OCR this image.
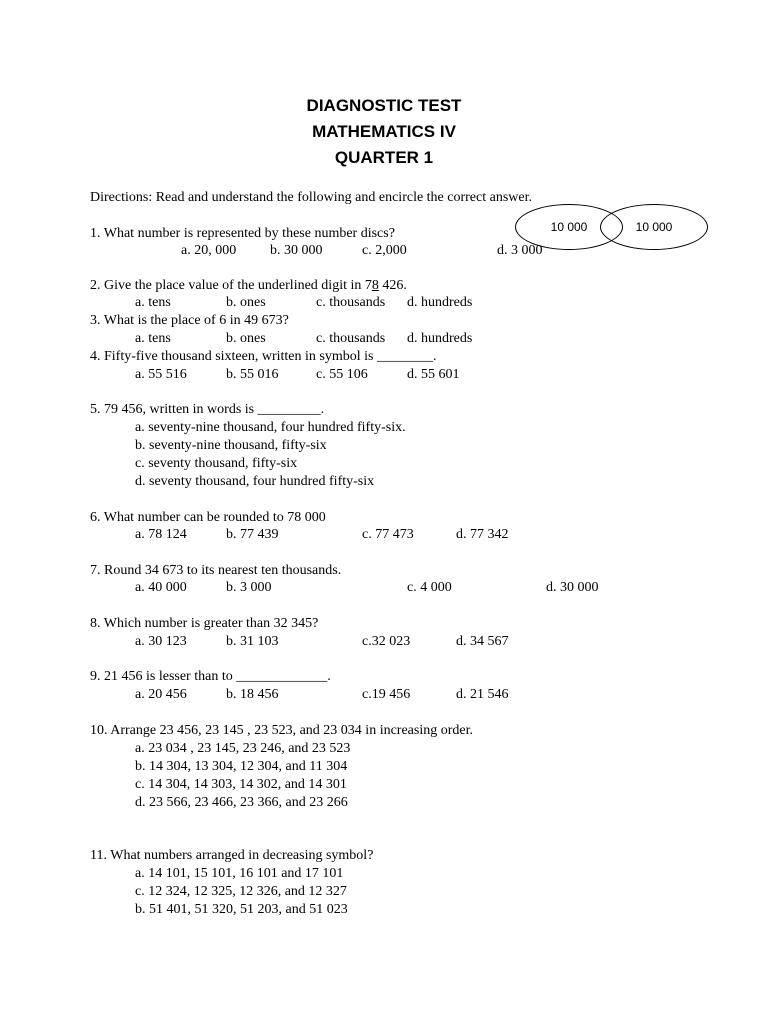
DIAGNOSTIC TEST
MATHEMATICS IV
QUARTER 1
Directions: Read and understand the following and encircle the correct answer.
10 000	10 000
1. What number is represented by these number discs?
a. 20, 000 b. 30 000	c. 2,000	d. 3 000
2. Give the place value of the underlined digit in 78 426.
a. tens	b. ones	c. thousands d. hundreds
3. What is the place of 6 in 49 673?
a. tens	b. ones	c. thousands d. hundreds
4. Fifty-five thousand sixteen, written in symbol is ________.
a. 55 516	b. 55 016	c. 55 106	d. 55 601
5. 79 456, written in words is _________.
a. seventy-nine thousand, four hundred fifty-six.
b. seventy-nine thousand, fifty-six
c. seventy thousand, fifty-six
d. seventy thousand, four hundred fifty-six
6. What number can be rounded to 78 000
a. 78 124	b. 77 439	c. 77 473	d. 77 342
7. Round 34 673 to its nearest ten thousands.
a. 40 000	b. 3 000	c. 4 000	d. 30 000
8. Which number is greater than 32 345?
a. 30 123	b. 31 103	c.32 023	d. 34 567
9. 21 456 is lesser than to _____________.
a. 20 456	b. 18 456	c.19 456	d. 21 546
10. Arrange 23 456, 23 145 , 23 523, and 23 034 in increasing order.
a. 23 034 , 23 145, 23 246, and 23 523
b. 14 304, 13 304, 12 304, and 11 304
c. 14 304, 14 303, 14 302, and 14 301
d. 23 566, 23 466, 23 366, and 23 266
11. What numbers arranged in decreasing symbol?
a. 14 101, 15 101, 16 101 and 17 101
c. 12 324, 12 325, 12 326, and 12 327
b. 51 401, 51 320, 51 203, and 51 023
